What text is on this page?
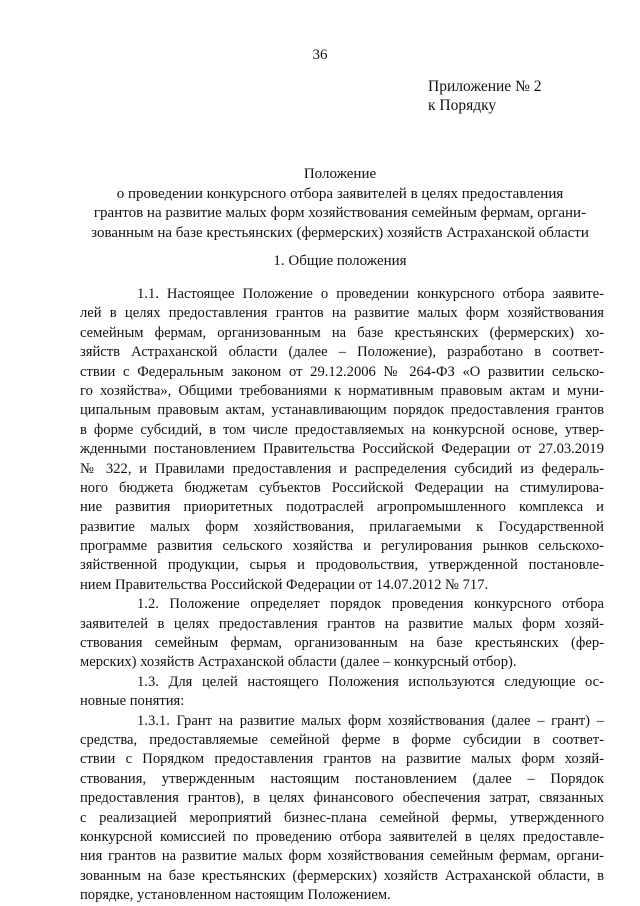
36
Приложение № 2
к Порядку
Положение
о проведении конкурсного отбора заявителей в целях предоставления
грантов на развитие малых форм хозяйствования семейным фермам, органи-
зованным на базе крестьянских (фермерских) хозяйств Астраханской области
1. Общие положения
1.1. Настоящее Положение о проведении конкурсного отбора заявите-
лей в целях предоставления грантов на развитие малых форм хозяйствования
семейным фермам, организованным на базе крестьянских (фермерских) хо-
зяйств Астраханской области (далее – Положение), разработано в соответ-
ствии с Федеральным законом от 29.12.2006 № 264-ФЗ «О развитии сельско-
го хозяйства», Общими требованиями к нормативным правовым актам и муни-
ципальным правовым актам, устанавливающим порядок предоставления грантов
в форме субсидий, в том числе предоставляемых на конкурсной основе, утвер-
жденными постановлением Правительства Российской Федерации от 27.03.2019
№ 322, и Правилами предоставления и распределения субсидий из федераль-
ного бюджета бюджетам субъектов Российской Федерации на стимулирова-
ние развития приоритетных подотраслей агропромышленного комплекса и
развитие малых форм хозяйствования, прилагаемыми к Государственной
программе развития сельского хозяйства и регулирования рынков сельскохо-
зяйственной продукции, сырья и продовольствия, утвержденной постановле-
нием Правительства Российской Федерации от 14.07.2012 № 717.
1.2. Положение определяет порядок проведения конкурсного отбора
заявителей в целях предоставления грантов на развитие малых форм хозяй-
ствования семейным фермам, организованным на базе крестьянских (фер-
мерских) хозяйств Астраханской области (далее – конкурсный отбор).
1.3. Для целей настоящего Положения используются следующие ос-
новные понятия:
1.3.1. Грант на развитие малых форм хозяйствования (далее – грант) –
средства, предоставляемые семейной ферме в форме субсидии в соответ-
ствии с Порядком предоставления грантов на развитие малых форм хозяй-
ствования, утвержденным настоящим постановлением (далее – Порядок
предоставления грантов), в целях финансового обеспечения затрат, связанных
с реализацией мероприятий бизнес-плана семейной фермы, утвержденного
конкурсной комиссией по проведению отбора заявителей в целях предоставле-
ния грантов на развитие малых форм хозяйствования семейным фермам, органи-
зованным на базе крестьянских (фермерских) хозяйств Астраханской области, в
порядке, установленном настоящим Положением.
